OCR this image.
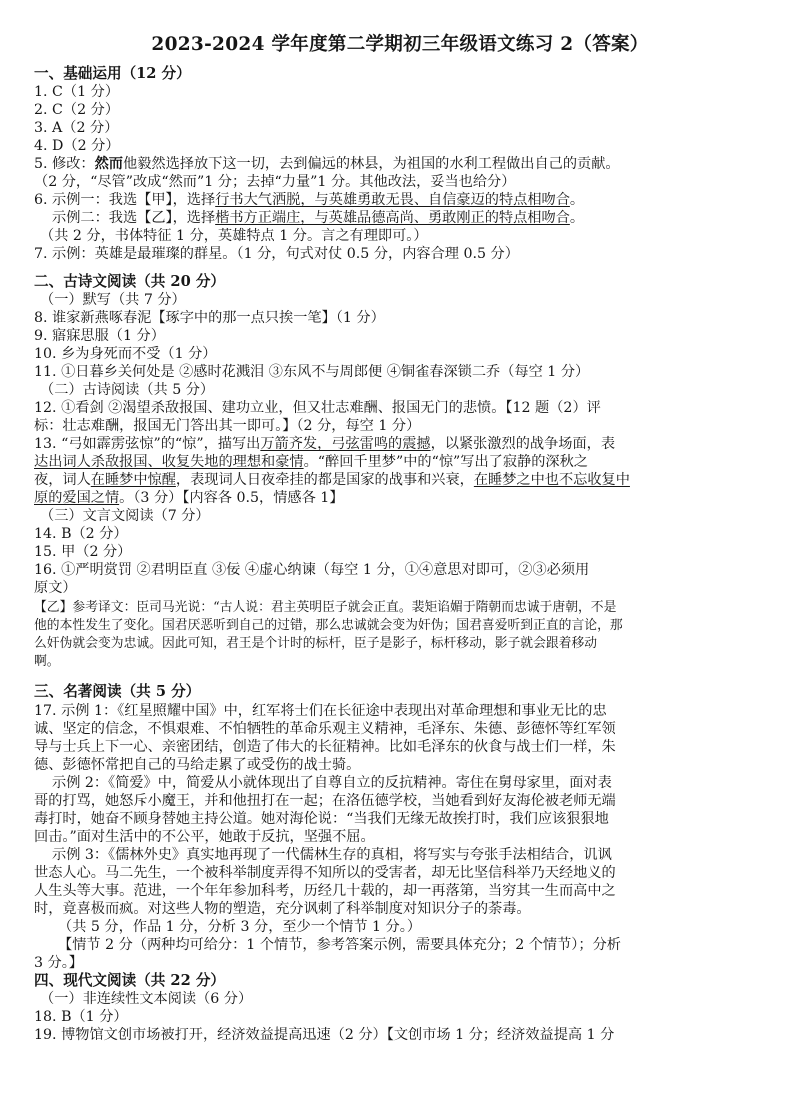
2023-2024 学年度第二学期初三年级语文练习 2（答案）
一、基础运用（12 分）
1. C（1 分）
2. C（2 分）
3. A（2 分）
4. D（2 分）
5. 修改：然而他毅然选择放下这一切，去到偏远的林县，为祖国的水利工程做出自己的贡献。
（2 分，“尽管”改成“然而”1 分；去掉“力量”1 分。其他改法，妥当也给分）
6. 示例一：我选【甲】，选择行书大气洒脱，与英雄勇敢无畏、自信豪迈的特点相吻合。
示例二：我选【乙】，选择楷书方正端庄，与英雄品德高尚、勇敢刚正的特点相吻合。
（共 2 分，书体特征 1 分，英雄特点 1 分。言之有理即可。）
7. 示例：英雄是最璀璨的群星。（1 分，句式对仗 0.5 分，内容合理 0.5 分）
二、古诗文阅读（共 20 分）
（一）默写（共 7 分）
8. 谁家新燕啄春泥【琢字中的那一点只挨一笔】（1 分）
9. 寤寐思服（1 分）
10. 乡为身死而不受（1 分）
11. ①日暮乡关何处是 ②感时花溅泪 ③东风不与周郎便 ④铜雀春深锁二乔（每空 1 分）
（二）古诗阅读（共 5 分）
12. ①看剑 ②渴望杀敌报国、建功立业，但又壮志难酬、报国无门的悲愤。【12 题（2）评
标：壮志难酬，报国无门答出其一即可。】（2 分，每空 1 分）
13. “弓如霹雳弦惊”的“惊”，描写出万箭齐发，弓弦雷鸣的震撼，以紧张激烈的战争场面，表
达出词人杀敌报国、收复失地的理想和豪情。“醉回千里梦”中的“惊”写出了寂静的深秋之
夜，词人在睡梦中惊醒，表现词人日夜牵挂的都是国家的战事和兴衰，在睡梦之中也不忘收复中
原的爱国之情。（3 分）【内容各 0.5，情感各 1】
（三）文言文阅读（7 分）
14. B（2 分）
15. 甲（2 分）
16. ①严明赏罚 ②君明臣直 ③佞 ④虚心纳谏（每空 1 分，①④意思对即可，②③必须用
原文）
【乙】参考译文：臣司马光说：“古人说：君主英明臣子就会正直。裴矩谄媚于隋朝而忠诚于唐朝，不是
他的本性发生了变化。国君厌恶听到自己的过错，那么忠诚就会变为奸伪；国君喜爱听到正直的言论，那
么奸伪就会变为忠诚。因此可知，君王是个计时的标杆，臣子是影子，标杆移动，影子就会跟着移动
啊。
三、名著阅读（共 5 分）
17. 示例 1：《红星照耀中国》中，红军将士们在长征途中表现出对革命理想和事业无比的忠
诚、坚定的信念，不惧艰难、不怕牺牲的革命乐观主义精神，毛泽东、朱德、彭德怀等红军领
导与士兵上下一心、亲密团结，创造了伟大的长征精神。比如毛泽东的伙食与战士们一样，朱
德、彭德怀常把自己的马给走累了或受伤的战士骑。
示例 2：《简爱》中，简爱从小就体现出了自尊自立的反抗精神。寄住在舅母家里，面对表
哥的打骂，她怒斥小魔王，并和他扭打在一起；在洛伍德学校，当她看到好友海伦被老师无端
毒打时，她奋不顾身替她主持公道。她对海伦说：“当我们无缘无故挨打时，我们应该狠狠地
回击。”面对生活中的不公平，她敢于反抗，坚强不屈。
示例 3：《儒林外史》真实地再现了一代儒林生存的真相，将写实与夸张手法相结合，讥讽
世态人心。马二先生，一个被科举制度弄得不知所以的受害者，却无比坚信科举乃天经地义的
人生头等大事。范进，一个年年参加科考，历经几十载的，却一再落第，当穷其一生而高中之
时，竟喜极而疯。对这些人物的塑造，充分讽刺了科举制度对知识分子的荼毒。
（共 5 分，作品 1 分，分析 3 分，至少一个情节 1 分。）
【情节 2 分（两种均可给分：1 个情节，参考答案示例，需要具体充分；2 个情节）；分析
3 分。】
四、现代文阅读（共 22 分）
（一）非连续性文本阅读（6 分）
18. B（1 分）
19. 博物馆文创市场被打开，经济效益提高迅速（2 分）【文创市场 1 分；经济效益提高 1 分
